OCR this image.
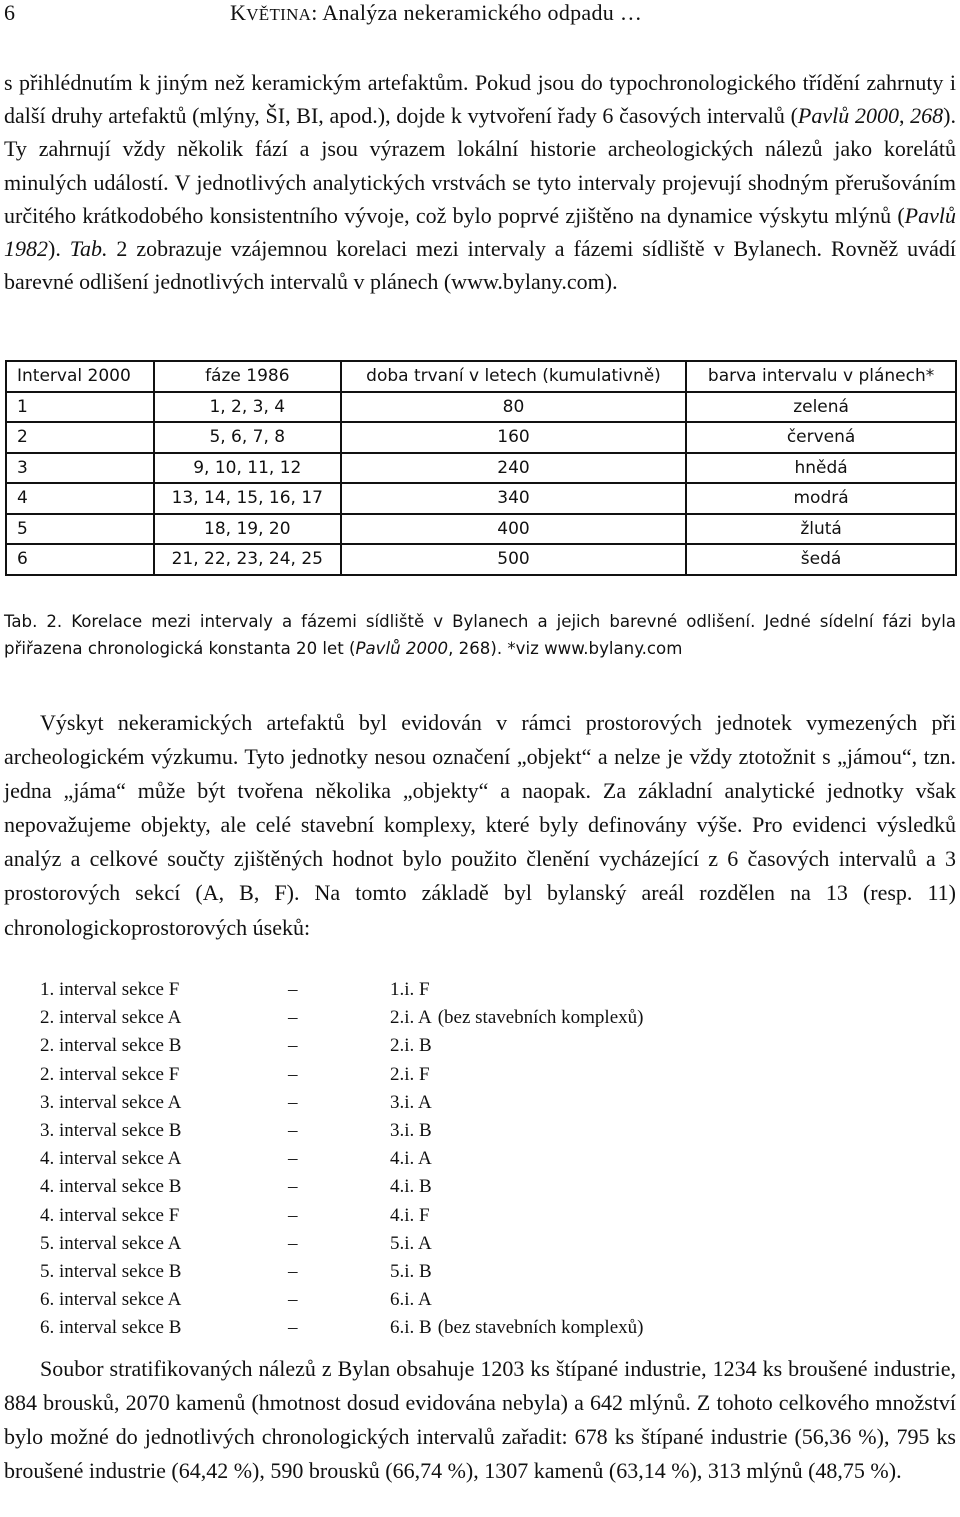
6	KVĚTINA: Analýza nekeramického odpadu …

s přihlédnutím k jiným než keramickým artefaktům. Pokud jsou do typochronologického třídění zahrnuty i další druhy artefaktů (mlýny, ŠI, BI, apod.), dojde k vytvoření řady 6 časových intervalů (Pavlů 2000, 268). Ty zahrnují vždy několik fází a jsou výrazem lokální historie archeologických nálezů jako korelátů minulých událostí. V jednotlivých analytických vrstvách se tyto intervaly projevují shodným přerušováním určitého krátkodobého konsistentního vývoje, což bylo poprvé zjištěno na dynamice výskytu mlýnů (Pavlů 1982). Tab. 2 zobrazuje vzájemnou korelaci mezi intervaly a fázemi sídliště v Bylanech. Rovněž uvádí barevné odlišení jednotlivých intervalů v plánech (www.bylany.com).

Interval 2000	fáze 1986	doba trvaní v letech (kumulativně)	barva intervalu v plánech*
1	1, 2, 3, 4	80	zelená
2	5, 6, 7, 8	160	červená
3	9, 10, 11, 12	240	hnědá
4	13, 14, 15, 16, 17	340	modrá
5	18, 19, 20	400	žlutá
6	21, 22, 23, 24, 25	500	šedá

Tab. 2. Korelace mezi intervaly a fázemi sídliště v Bylanech a jejich barevné odlišení. Jedné sídelní fázi byla přiřazena chronologická konstanta 20 let (Pavlů 2000, 268). *viz www.bylany.com

Výskyt nekeramických artefaktů byl evidován v rámci prostorových jednotek vymezených při archeologickém výzkumu. Tyto jednotky nesou označení „objekt“ a nelze je vždy ztotožnit s „jámou“, tzn. jedna „jáma“ může být tvořena několika „objekty“ a naopak. Za základní analytické jednotky však nepovažujeme objekty, ale celé stavební komplexy, které byly definovány výše. Pro evidenci výsledků analýz a celkové součty zjištěných hodnot bylo použito členění vycházející z 6 časových intervalů a 3 prostorových sekcí (A, B, F). Na tomto základě byl bylanský areál rozdělen na 13 (resp. 11) chronologickoprostorových úseků:

1. interval sekce F	–	1.i. F
2. interval sekce A	–	2.i. A (bez stavebních komplexů)
2. interval sekce B	–	2.i. B
2. interval sekce F	–	2.i. F
3. interval sekce A	–	3.i. A
3. interval sekce B	–	3.i. B
4. interval sekce A	–	4.i. A
4. interval sekce B	–	4.i. B
4. interval sekce F	–	4.i. F
5. interval sekce A	–	5.i. A
5. interval sekce B	–	5.i. B
6. interval sekce A	–	6.i. A
6. interval sekce B	–	6.i. B (bez stavebních komplexů)

Soubor stratifikovaných nálezů z Bylan obsahuje 1203 ks štípané industrie, 1234 ks broušené industrie, 884 brousků, 2070 kamenů (hmotnost dosud evidována nebyla) a 642 mlýnů. Z tohoto celkového množství bylo možné do jednotlivých chronologických intervalů zařadit: 678 ks štípané industrie (56,36 %), 795 ks broušené industrie (64,42 %), 590 brousků (66,74 %), 1307 kamenů (63,14 %), 313 mlýnů (48,75 %).
